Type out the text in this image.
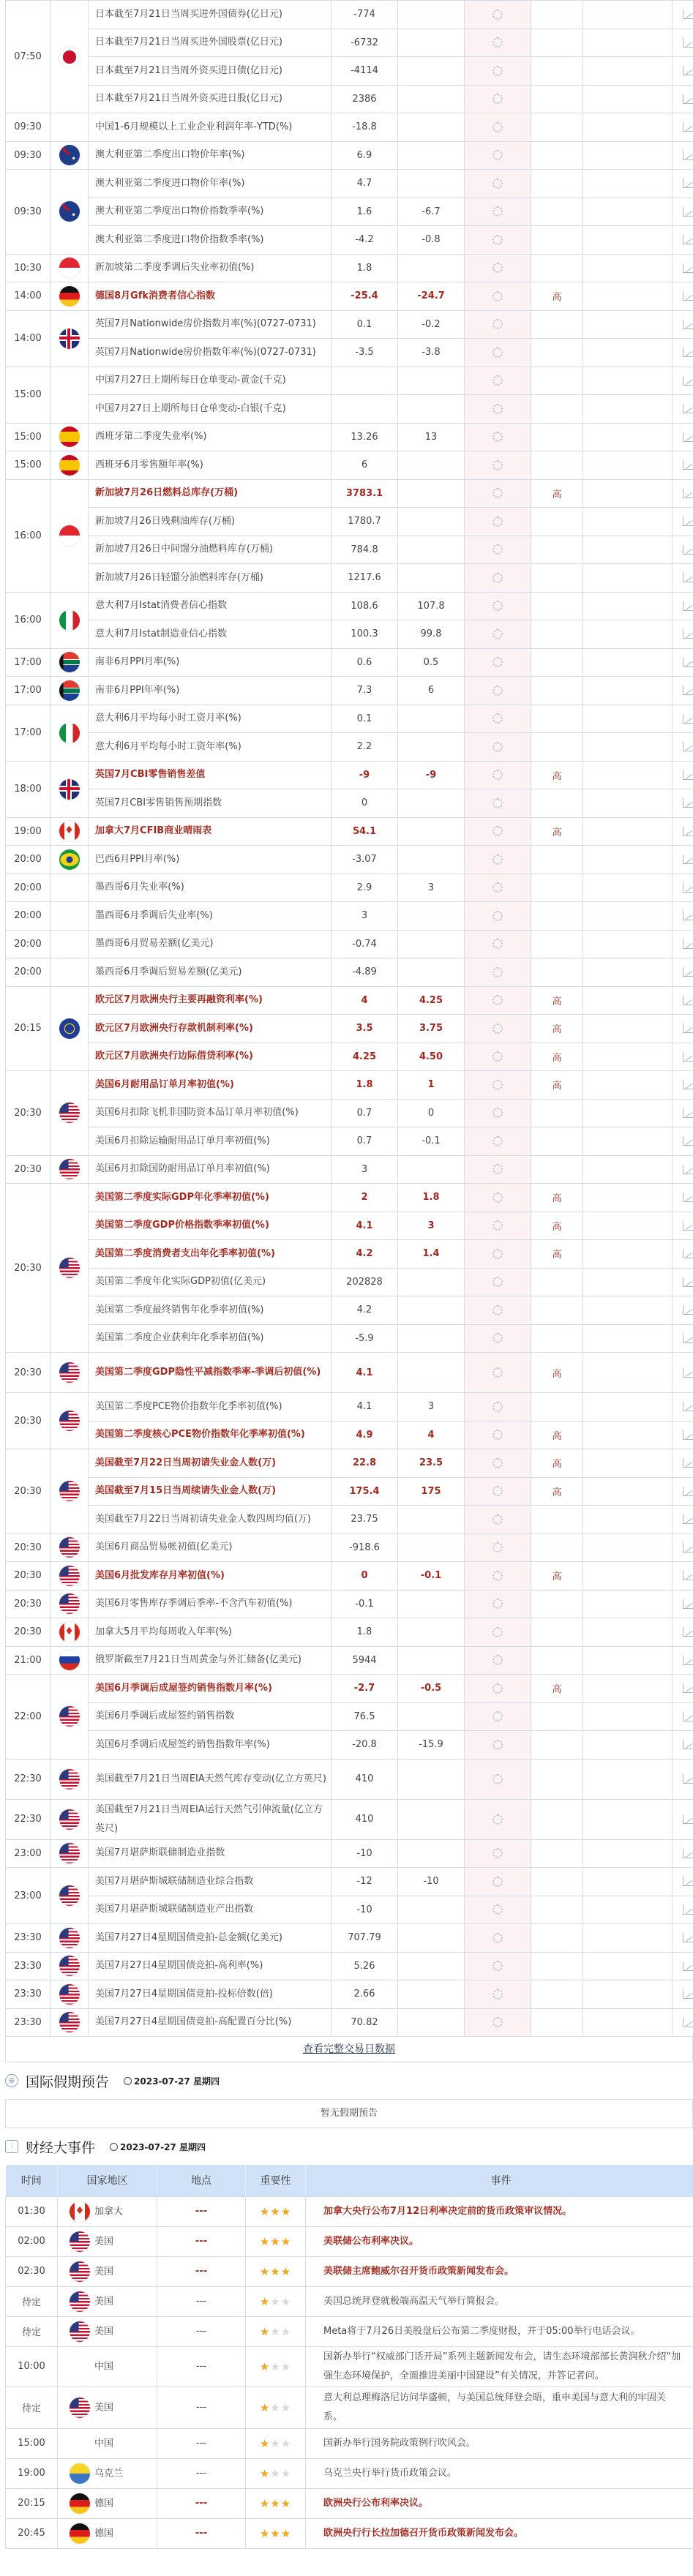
07:50		日本截至7月21日当周买进外国债券(亿日元)	-774					
		日本截至7月21日当周买进外国股票(亿日元)	-6732					
		日本截至7月21日当周外资买进日债(亿日元)	-4114					
		日本截至7月21日当周外资买进日股(亿日元)	2386					
09:30		中国1-6月规模以上工业企业利润年率-YTD(%)	-18.8					
09:30		澳大利亚第二季度出口物价年率(%)	6.9					
09:30		澳大利亚第二季度进口物价年率(%)	4.7					
		澳大利亚第二季度出口物价指数季率(%)	1.6	-6.7				
		澳大利亚第二季度进口物价指数季率(%)	-4.2	-0.8				
10:30		新加坡第二季度季调后失业率初值(%)	1.8					
14:00		德国8月Gfk消费者信心指数	-25.4	-24.7		高		
14:00		英国7月Nationwide房价指数月率(%)(0727-0731)	0.1	-0.2				
		英国7月Nationwide房价指数年率(%)(0727-0731)	-3.5	-3.8				
15:00		中国7月27日上期所每日仓单变动-黄金(千克)						
		中国7月27日上期所每日仓单变动-白银(千克)						
15:00		西班牙第二季度失业率(%)	13.26	13				
15:00		西班牙6月零售额年率(%)	6					
16:00		新加坡7月26日燃料总库存(万桶)	3783.1			高		
		新加坡7月26日残剩油库存(万桶)	1780.7					
		新加坡7月26日中间馏分油燃料库存(万桶)	784.8					
		新加坡7月26日轻馏分油燃料库存(万桶)	1217.6					
16:00		意大利7月Istat消费者信心指数	108.6	107.8				
		意大利7月Istat制造业信心指数	100.3	99.8				
17:00		南非6月PPI月率(%)	0.6	0.5				
17:00		南非6月PPI年率(%)	7.3	6				
17:00		意大利6月平均每小时工资月率(%)	0.1					
		意大利6月平均每小时工资年率(%)	2.2					
18:00		英国7月CBI零售销售差值	-9	-9		高		
		英国7月CBI零售销售预期指数	0					
19:00	♦	加拿大7月CFIB商业晴雨表	54.1			高		
20:00		巴西6月PPI月率(%)	-3.07					
20:00		墨西哥6月失业率(%)	2.9	3				
20:00		墨西哥6月季调后失业率(%)	3					
20:00		墨西哥6月贸易差额(亿美元)	-0.74					
20:00		墨西哥6月季调后贸易差额(亿美元)	-4.89					
20:15		欧元区7月欧洲央行主要再融资利率(%)	4	4.25		高		
		欧元区7月欧洲央行存款机制利率(%)	3.5	3.75		高		
		欧元区7月欧洲央行边际借贷利率(%)	4.25	4.50		高		
20:30		美国6月耐用品订单月率初值(%)	1.8	1		高		
		美国6月扣除飞机非国防资本品订单月率初值(%)	0.7	0				
		美国6月扣除运输耐用品订单月率初值(%)	0.7	-0.1				
20:30		美国6月扣除国防耐用品订单月率初值(%)	3					
20:30		美国第二季度实际GDP年化季率初值(%)	2	1.8		高		
		美国第二季度GDP价格指数季率初值(%)	4.1	3		高		
		美国第二季度消费者支出年化季率初值(%)	4.2	1.4		高		
		美国第二季度年化实际GDP初值(亿美元)	202828					
		美国第二季度最终销售年化季率初值(%)	4.2					
		美国第二季度企业获利年化季率初值(%)	-5.9					
20:30		美国第二季度GDP隐性平减指数季率-季调后初值(%)	4.1			高		
20:30		美国第二季度PCE物价指数年化季率初值(%)	4.1	3				
		美国第二季度核心PCE物价指数年化季率初值(%)	4.9	4		高		
20:30		美国截至7月22日当周初请失业金人数(万)	22.8	23.5		高		
		美国截至7月15日当周续请失业金人数(万)	175.4	175		高		
		美国截至7月22日当周初请失业金人数四周均值(万)	23.75					
20:30		美国6月商品贸易帐初值(亿美元)	-918.6					
20:30		美国6月批发库存月率初值(%)	0	-0.1		高		
20:30		美国6月零售库存季调后季率-不含汽车初值(%)	-0.1					
20:30	♦	加拿大5月平均每周收入年率(%)	1.8					
21:00		俄罗斯截至7月21日当周黄金与外汇储备(亿美元)	5944					
22:00		美国6月季调后成屋签约销售指数月率(%)	-2.7	-0.5		高		
		美国6月季调后成屋签约销售指数	76.5					
		美国6月季调后成屋签约销售指数年率(%)	-20.8	-15.9				
22:30		美国截至7月21日当周EIA天然气库存变动(亿立方英尺)	410					
22:30		美国截至7月21日当周EIA运行天然气引伸流量(亿立方英尺)	410					
23:00		美国7月堪萨斯联储制造业指数	-10					
23:00		美国7月堪萨斯城联储制造业综合指数	-12	-10				
		美国7月堪萨斯城联储制造业产出指数	-10					
23:30		美国7月27日4星期国债竞拍-总金额(亿美元)	707.79					
23:30		美国7月27日4星期国债竞拍-高利率(%)	5.26					
23:30		美国7月27日4星期国债竞拍-投标倍数(倍)	2.66					
23:30		美国7月27日4星期国债竞拍-高配置百分比(%)	70.82					
查看完整交易日数据
⊕ 国际假期预告	2023-07-27 星期四
暂无假期预告
⫶ 财经大事件	2023-07-27 星期四
时间	国家地区	地点	重要性	事件
01:30	♦加拿大	---	★★★	加拿大央行公布7月12日利率决定前的货币政策审议情况。
02:00	美国	---	★★★	美联储公布利率决议。
02:30	美国	---	★★★	美联储主席鲍威尔召开货币政策新闻发布会。
待定	美国	---	★★★	美国总统拜登就极端高温天气举行简报会。
待定	美国	---	★★★	Meta将于7月26日美股盘后公布第二季度财报，并于05:00举行电话会议。
10:00	中国	---	★★★	国新办举行“权威部门话开局”系列主题新闻发布会，请生态环境部部长黄润秋介绍“加强生态环境保护，全面推进美丽中国建设”有关情况，并答记者问。
待定	美国	---	★★★	意大利总理梅洛尼访问华盛顿，与美国总统拜登会晤，重申美国与意大利的牢固关系。
15:00	中国	---	★★★	国新办举行国务院政策例行吹风会。
19:00	乌克兰	---	★★★	乌克兰央行举行货币政策会议。
20:15	德国	---	★★★	欧洲央行公布利率决议。
20:45	德国	---	★★★	欧洲央行行长拉加德召开货币政策新闻发布会。
